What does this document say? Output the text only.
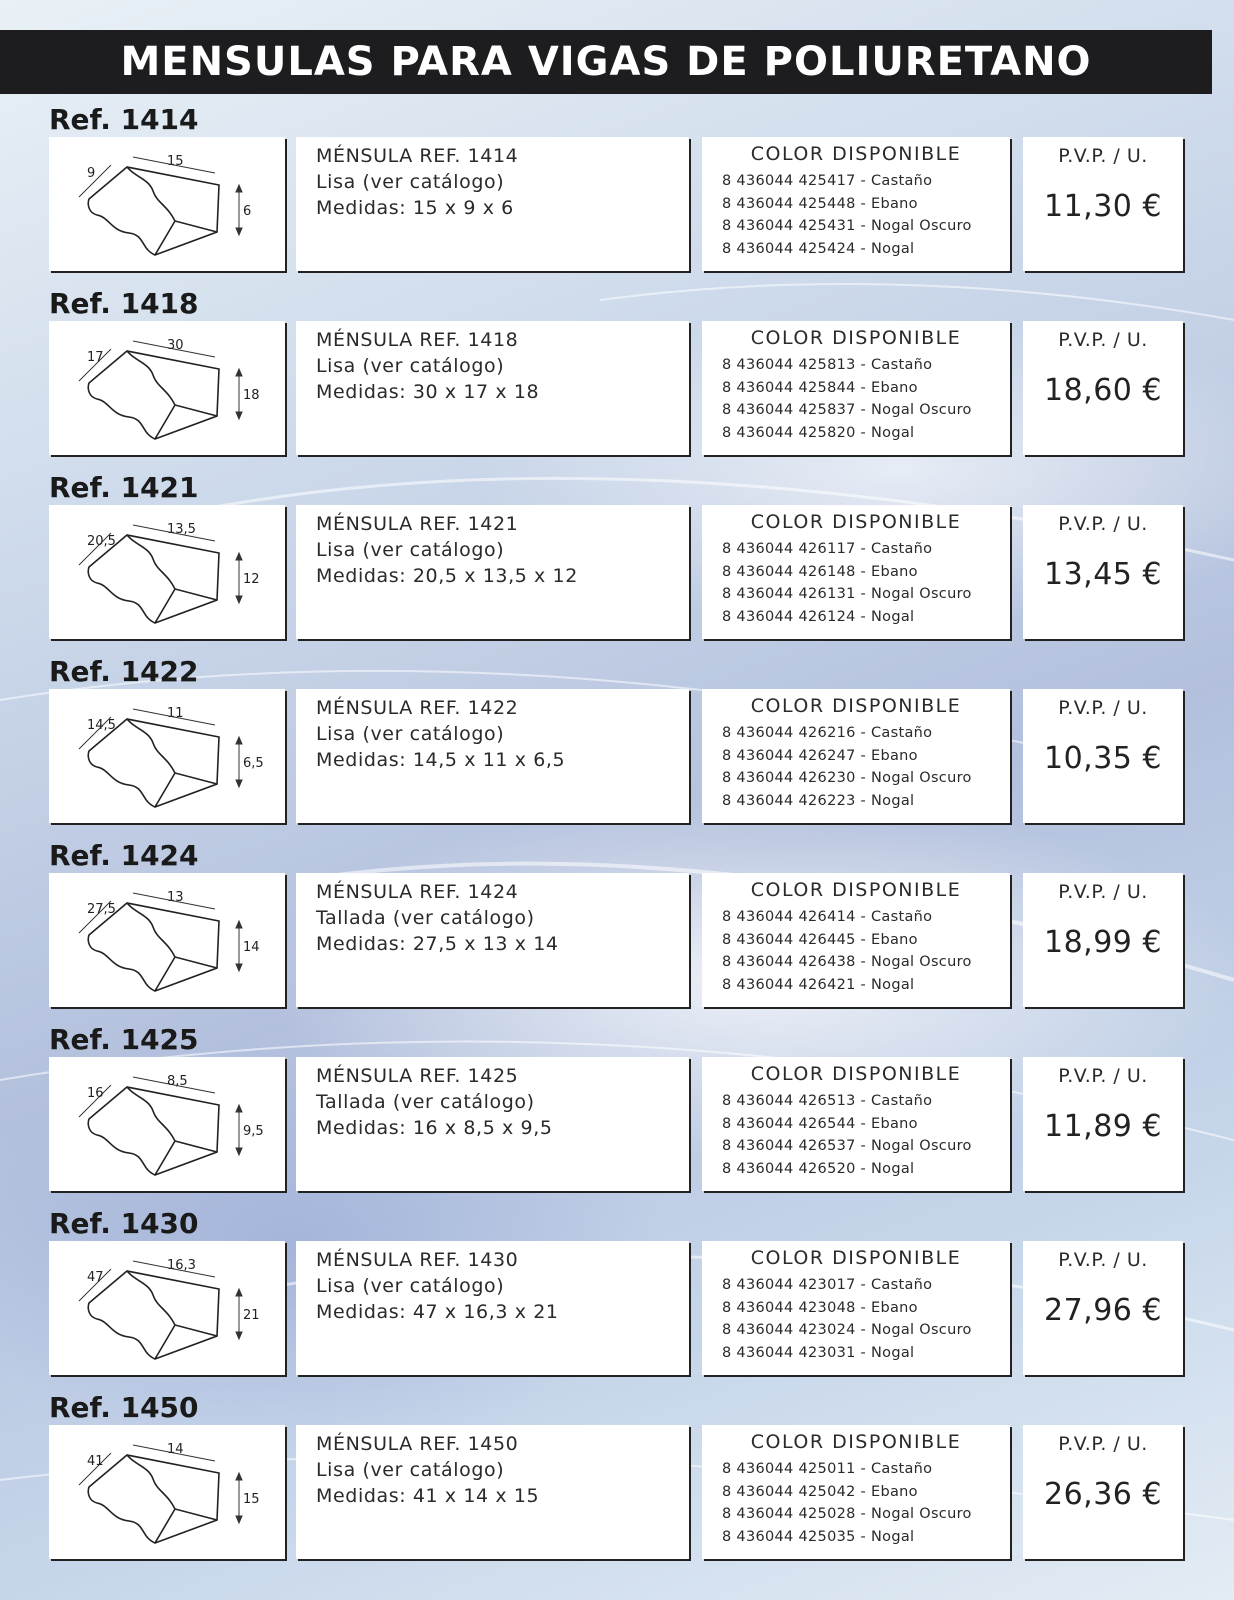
MENSULAS PARA VIGAS DE POLIURETANO
Ref. 1414
9
15
6
MÉNSULA REF. 1414
Lisa (ver catálogo)
Medidas: 15 x 9 x 6
COLOR DISPONIBLE
8 436044 425417 - Castaño
8 436044 425448 - Ebano
8 436044 425431 - Nogal Oscuro
8 436044 425424 - Nogal
P.V.P. / U.
11,30 €
Ref. 1418
17
30
18
MÉNSULA REF. 1418
Lisa (ver catálogo)
Medidas: 30 x 17 x 18
COLOR DISPONIBLE
8 436044 425813 - Castaño
8 436044 425844 - Ebano
8 436044 425837 - Nogal Oscuro
8 436044 425820 - Nogal
P.V.P. / U.
18,60 €
Ref. 1421
20,5
13,5
12
MÉNSULA REF. 1421
Lisa (ver catálogo)
Medidas: 20,5 x 13,5 x 12
COLOR DISPONIBLE
8 436044 426117 - Castaño
8 436044 426148 - Ebano
8 436044 426131 - Nogal Oscuro
8 436044 426124 - Nogal
P.V.P. / U.
13,45 €
Ref. 1422
14,5
11
6,5
MÉNSULA REF. 1422
Lisa (ver catálogo)
Medidas: 14,5 x 11 x 6,5
COLOR DISPONIBLE
8 436044 426216 - Castaño
8 436044 426247 - Ebano
8 436044 426230 - Nogal Oscuro
8 436044 426223 - Nogal
P.V.P. / U.
10,35 €
Ref. 1424
27,5
13
14
MÉNSULA REF. 1424
Tallada (ver catálogo)
Medidas: 27,5 x 13 x 14
COLOR DISPONIBLE
8 436044 426414 - Castaño
8 436044 426445 - Ebano
8 436044 426438 - Nogal Oscuro
8 436044 426421 - Nogal
P.V.P. / U.
18,99 €
Ref. 1425
16
8,5
9,5
MÉNSULA REF. 1425
Tallada (ver catálogo)
Medidas: 16 x 8,5 x 9,5
COLOR DISPONIBLE
8 436044 426513 - Castaño
8 436044 426544 - Ebano
8 436044 426537 - Nogal Oscuro
8 436044 426520 - Nogal
P.V.P. / U.
11,89 €
Ref. 1430
47
16,3
21
MÉNSULA REF. 1430
Lisa (ver catálogo)
Medidas: 47 x 16,3 x 21
COLOR DISPONIBLE
8 436044 423017 - Castaño
8 436044 423048 - Ebano
8 436044 423024 - Nogal Oscuro
8 436044 423031 - Nogal
P.V.P. / U.
27,96 €
Ref. 1450
41
14
15
MÉNSULA REF. 1450
Lisa (ver catálogo)
Medidas: 41 x 14 x 15
COLOR DISPONIBLE
8 436044 425011 - Castaño
8 436044 425042 - Ebano
8 436044 425028 - Nogal Oscuro
8 436044 425035 - Nogal
P.V.P. / U.
26,36 €
